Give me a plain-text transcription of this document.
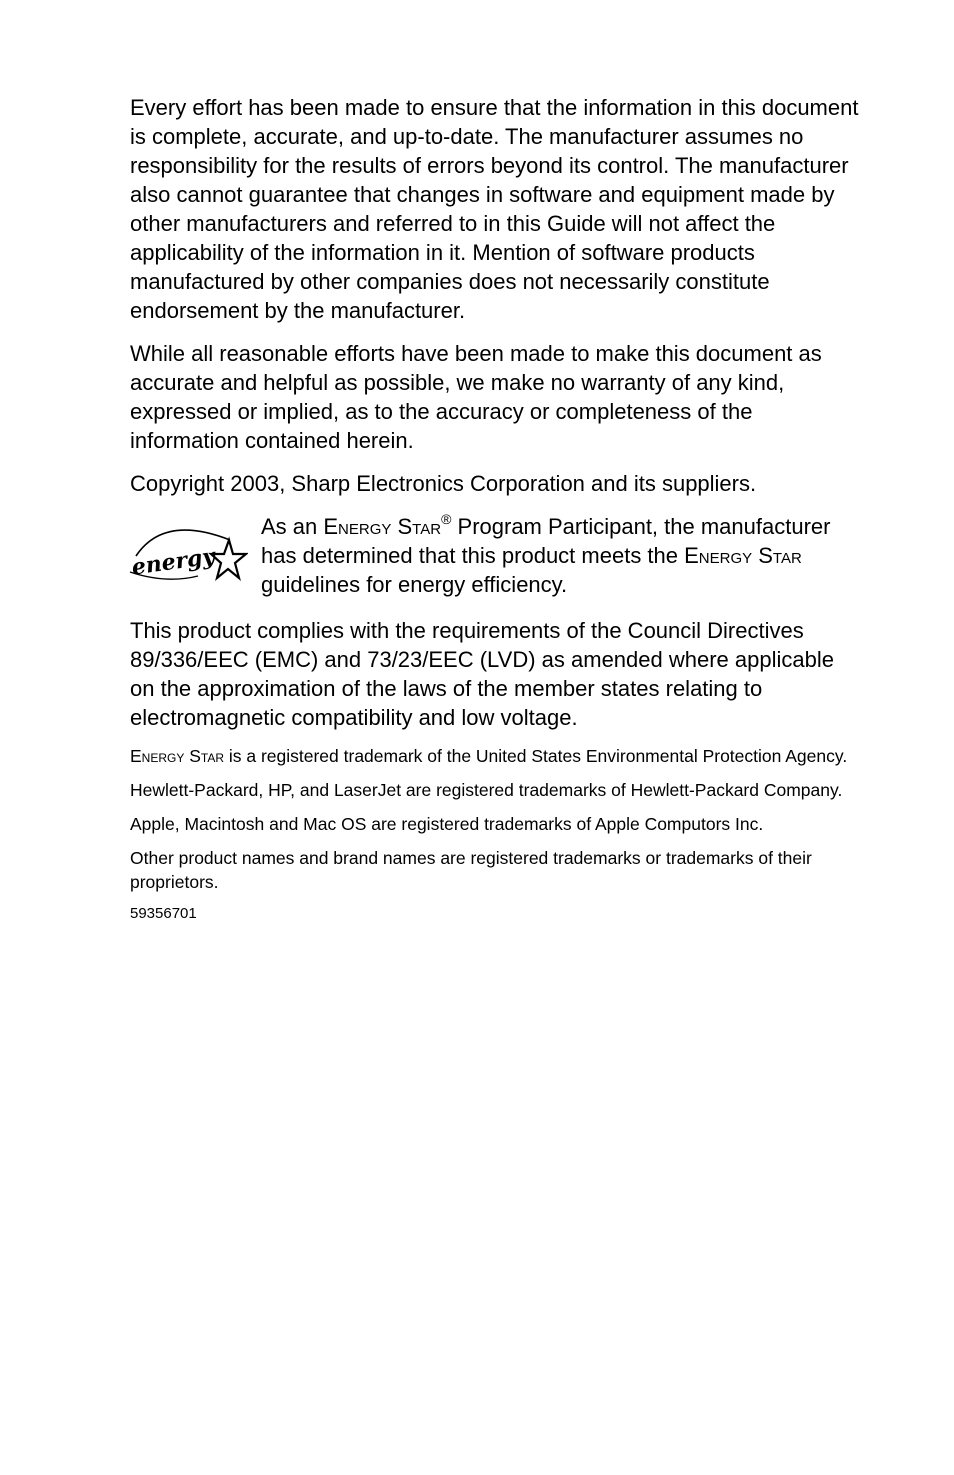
Every effort has been made to ensure that the information in this document is complete, accurate, and up-to-date. The manufacturer assumes no responsibility for the results of errors beyond its control. The manufacturer also cannot guarantee that changes in software and equipment made by other manufacturers and referred to in this Guide will not affect the applicability of the information in it. Mention of software products manufactured by other companies does not necessarily constitute endorsement by the manufacturer.

While all reasonable efforts have been made to make this document as accurate and helpful as possible, we make no warranty of any kind, expressed or implied, as to the accuracy or completeness of the information contained herein.

Copyright 2003, Sharp Electronics Corporation and its suppliers.

energy
As an Energy Star® Program Participant, the manufacturer has determined that this product meets the Energy Star guidelines for energy efficiency.

This product complies with the requirements of the Council Directives 89/336/EEC (EMC) and 73/23/EEC (LVD) as amended where applicable on the approximation of the laws of the member states relating to electromagnetic compatibility and low voltage.

Energy Star is a registered trademark of the United States Environmental Protection Agency.

Hewlett-Packard, HP, and LaserJet are registered trademarks of Hewlett-Packard Company.

Apple, Macintosh and Mac OS are registered trademarks of Apple Computors Inc.

Other product names and brand names are registered trademarks or trademarks of their proprietors.

59356701
